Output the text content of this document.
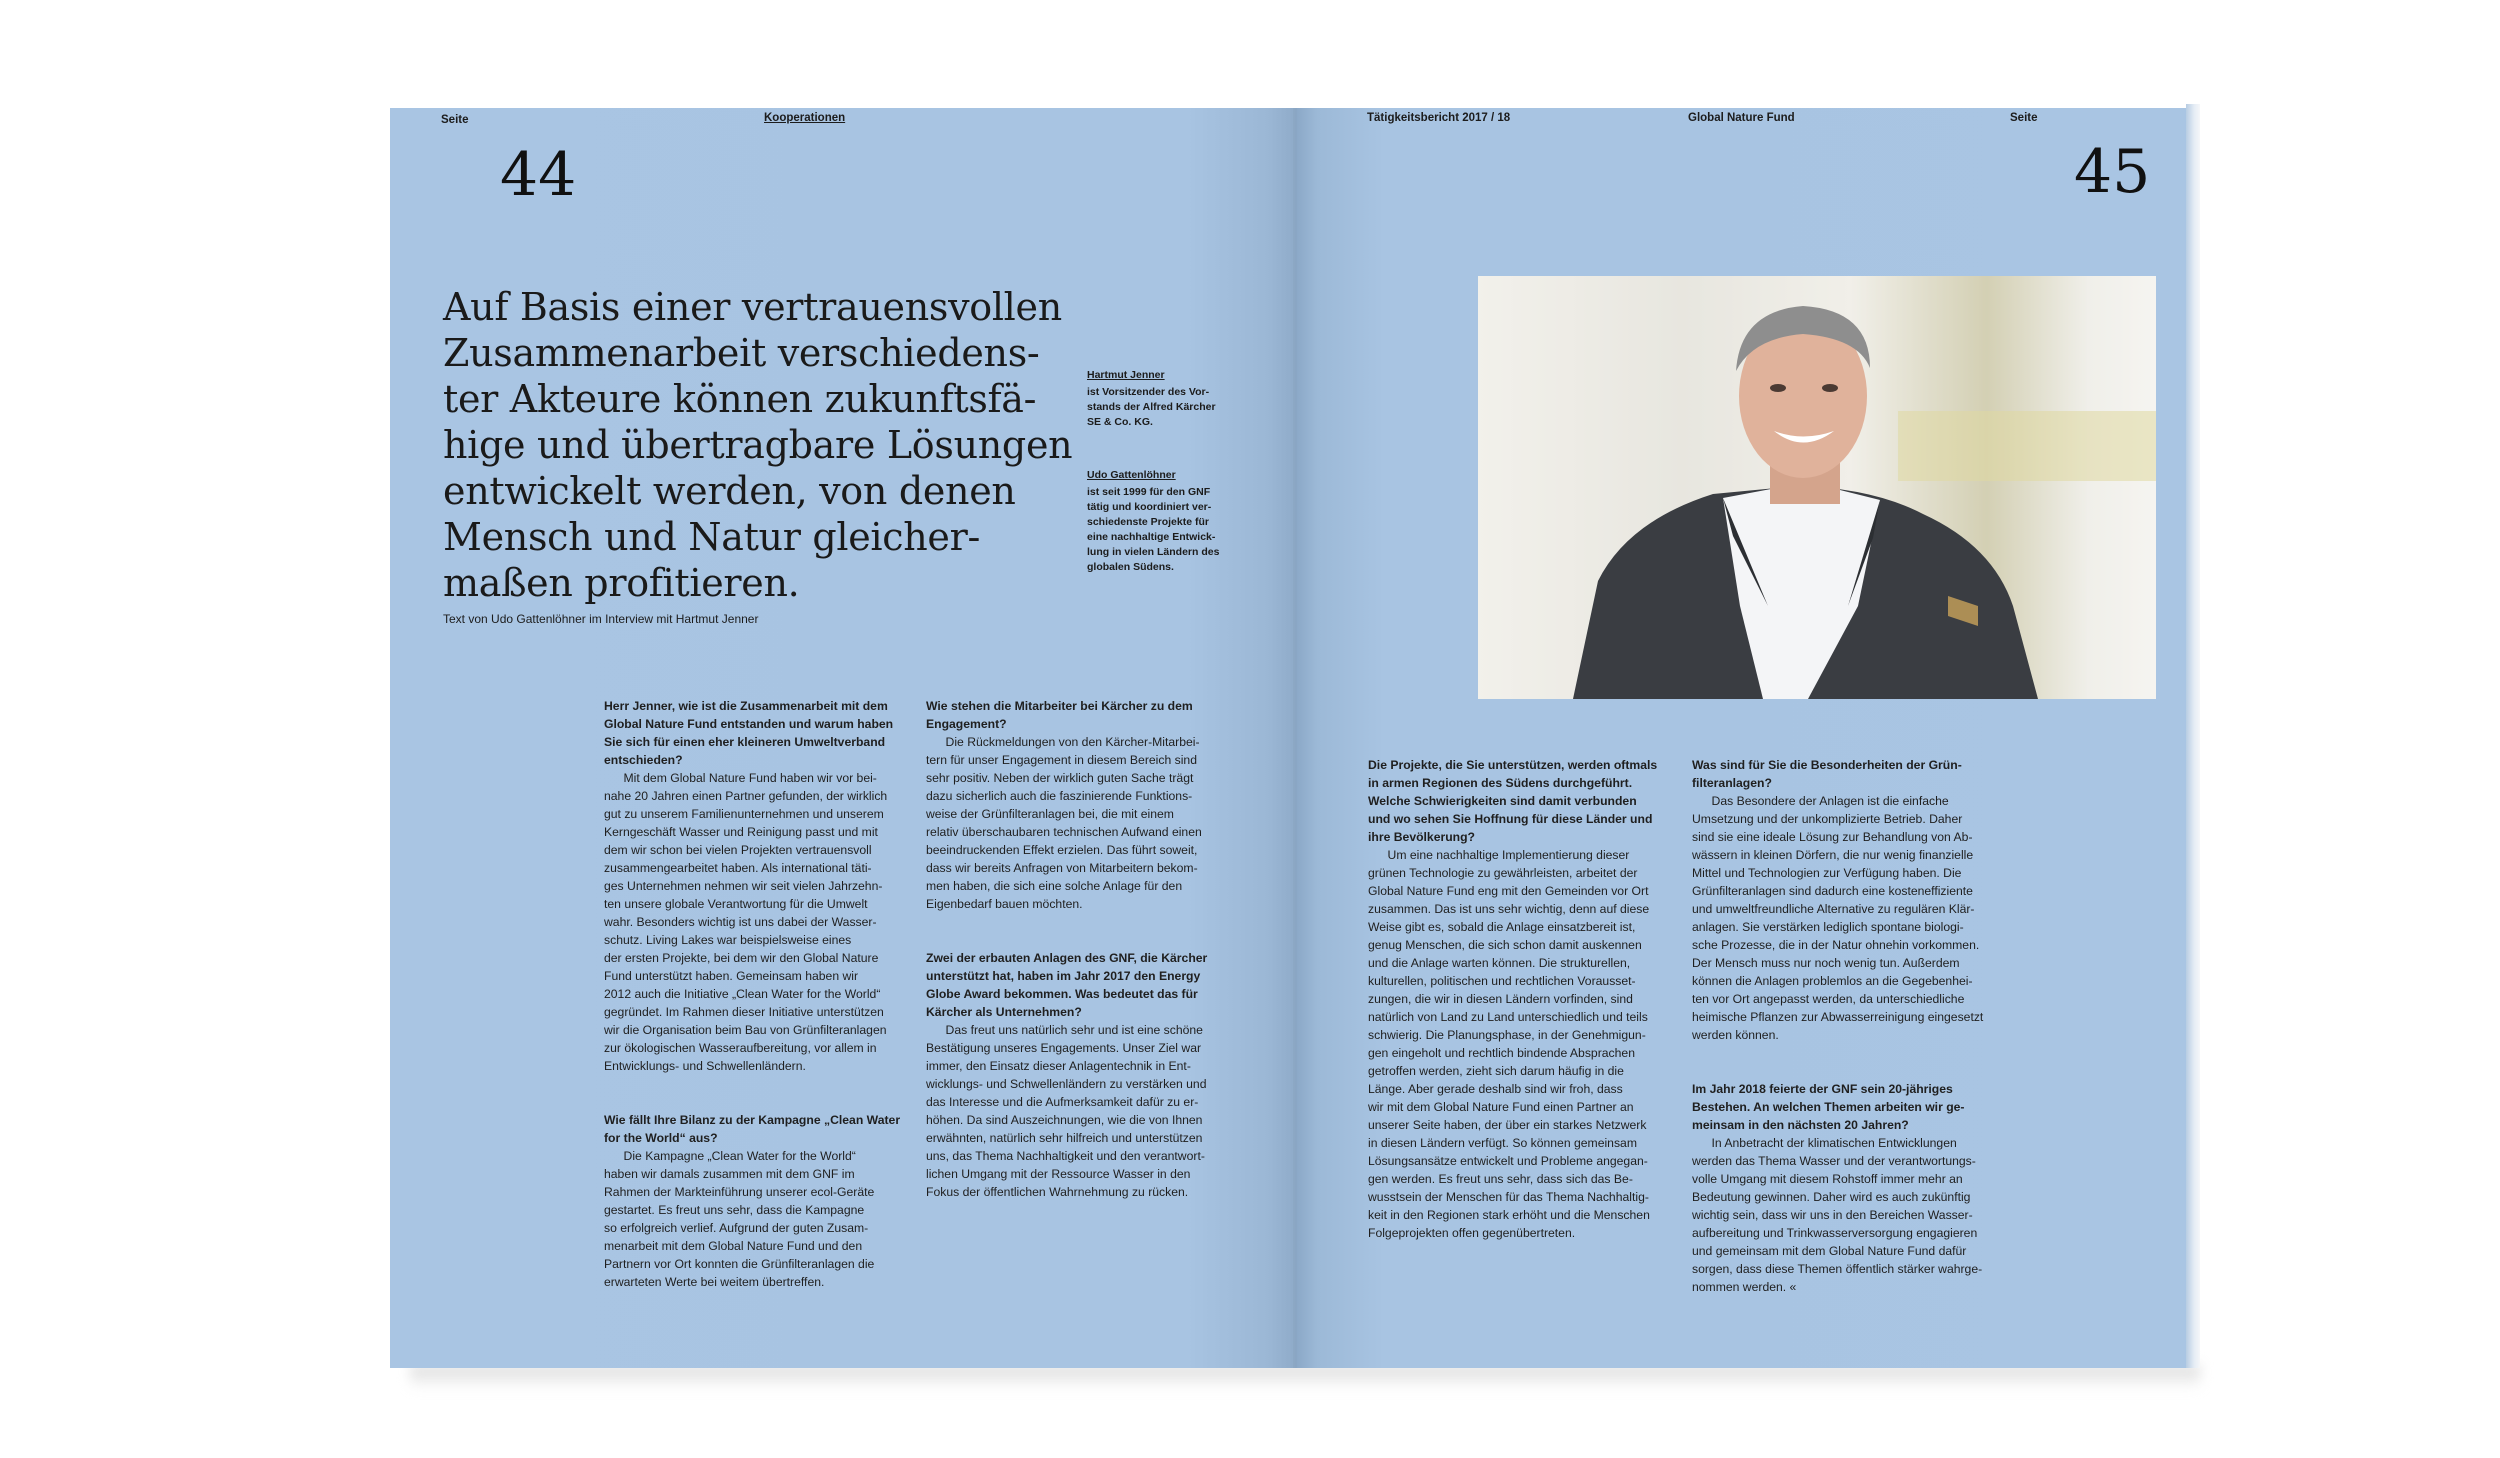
Seite	Kooperationen
44
Auf Basis einer vertrauensvollen
Zusammenarbeit verschiedens-
ter Akteure können zukunftsfä-
hige und übertragbare Lösungen
entwickelt werden, von denen
Mensch und Natur gleicher-
maßen profitieren.
Text von Udo Gattenlöhner im Interview mit Hartmut Jenner
Hartmut Jenner
ist Vorsitzender des Vor-
stands der Alfred Kärcher
SE & Co. KG.
Udo Gattenlöhner
ist seit 1999 für den GNF
tätig und koordiniert ver-
schiedenste Projekte für
eine nachhaltige Entwick-
lung in vielen Ländern des
globalen Südens.

Herr Jenner, wie ist die Zusammenarbeit mit dem
Global Nature Fund entstanden und warum haben
Sie sich für einen eher kleineren Umweltverband
entschieden?

Mit dem Global Nature Fund haben wir vor bei-
nahe 20 Jahren einen Partner gefunden, der wirklich
gut zu unserem Familienunternehmen und unserem
Kerngeschäft Wasser und Reinigung passt und mit
dem wir schon bei vielen Projekten vertrauensvoll
zusammengearbeitet haben. Als international täti-
ges Unternehmen nehmen wir seit vielen Jahrzehn-
ten unsere globale Verantwortung für die Umwelt
wahr. Besonders wichtig ist uns dabei der Wasser-
schutz. Living Lakes war beispielsweise eines
der ersten Projekte, bei dem wir den Global Nature
Fund unterstützt haben. Gemeinsam haben wir
2012 auch die Initiative „Clean Water for the World“
gegründet. Im Rahmen dieser Initiative unterstützen
wir die Organisation beim Bau von Grünfilteranlagen
zur ökologischen Wasseraufbereitung, vor allem in
Entwicklungs- und Schwellenländern.

Wie fällt Ihre Bilanz zu der Kampagne „Clean Water
for the World“ aus?

Die Kampagne „Clean Water for the World“
haben wir damals zusammen mit dem GNF im
Rahmen der Markteinführung unserer ecol-Geräte
gestartet. Es freut uns sehr, dass die Kampagne
so erfolgreich verlief. Aufgrund der guten Zusam-
menarbeit mit dem Global Nature Fund und den
Partnern vor Ort konnten die Grünfilteranlagen die
erwarteten Werte bei weitem übertreffen.

Wie stehen die Mitarbeiter bei Kärcher zu dem
Engagement?

Die Rückmeldungen von den Kärcher-Mitarbei-
tern für unser Engagement in diesem Bereich sind
sehr positiv. Neben der wirklich guten Sache trägt
dazu sicherlich auch die faszinierende Funktions-
weise der Grünfilteranlagen bei, die mit einem
relativ überschaubaren technischen Aufwand einen
beeindruckenden Effekt erzielen. Das führt soweit,
dass wir bereits Anfragen von Mitarbeitern bekom-
men haben, die sich eine solche Anlage für den
Eigenbedarf bauen möchten.

Zwei der erbauten Anlagen des GNF, die Kärcher
unterstützt hat, haben im Jahr 2017 den Energy
Globe Award bekommen. Was bedeutet das für
Kärcher als Unternehmen?

Das freut uns natürlich sehr und ist eine schöne
Bestätigung unseres Engagements. Unser Ziel war
immer, den Einsatz dieser Anlagentechnik in Ent-
wicklungs- und Schwellenländern zu verstärken und
das Interesse und die Aufmerksamkeit dafür zu er-
höhen. Da sind Auszeichnungen, wie die von Ihnen
erwähnten, natürlich sehr hilfreich und unterstützen
uns, das Thema Nachhaltigkeit und den verantwort-
lichen Umgang mit der Ressource Wasser in den
Fokus der öffentlichen Wahrnehmung zu rücken.

Tätigkeitsbericht 2017 / 18	Global Nature Fund	Seite
45

Die Projekte, die Sie unterstützen, werden oftmals
in armen Regionen des Südens durchgeführt.
Welche Schwierigkeiten sind damit verbunden
und wo sehen Sie Hoffnung für diese Länder und
ihre Bevölkerung?

Um eine nachhaltige Implementierung dieser
grünen Technologie zu gewährleisten, arbeitet der
Global Nature Fund eng mit den Gemeinden vor Ort
zusammen. Das ist uns sehr wichtig, denn auf diese
Weise gibt es, sobald die Anlage einsatzbereit ist,
genug Menschen, die sich schon damit auskennen
und die Anlage warten können. Die strukturellen,
kulturellen, politischen und rechtlichen Vorausset-
zungen, die wir in diesen Ländern vorfinden, sind
natürlich von Land zu Land unterschiedlich und teils
schwierig. Die Planungsphase, in der Genehmigun-
gen eingeholt und rechtlich bindende Absprachen
getroffen werden, zieht sich darum häufig in die
Länge. Aber gerade deshalb sind wir froh, dass
wir mit dem Global Nature Fund einen Partner an
unserer Seite haben, der über ein starkes Netzwerk
in diesen Ländern verfügt. So können gemeinsam
Lösungsansätze entwickelt und Probleme angegan-
gen werden. Es freut uns sehr, dass sich das Be-
wusstsein der Menschen für das Thema Nachhaltig-
keit in den Regionen stark erhöht und die Menschen
Folgeprojekten offen gegenübertreten.

Was sind für Sie die Besonderheiten der Grün-
filteranlagen?

Das Besondere der Anlagen ist die einfache
Umsetzung und der unkomplizierte Betrieb. Daher
sind sie eine ideale Lösung zur Behandlung von Ab-
wässern in kleinen Dörfern, die nur wenig finanzielle
Mittel und Technologien zur Verfügung haben. Die
Grünfilteranlagen sind dadurch eine kosteneffiziente
und umweltfreundliche Alternative zu regulären Klär-
anlagen. Sie verstärken lediglich spontane biologi-
sche Prozesse, die in der Natur ohnehin vorkommen.
Der Mensch muss nur noch wenig tun. Außerdem
können die Anlagen problemlos an die Gegebenhei-
ten vor Ort angepasst werden, da unterschiedliche
heimische Pflanzen zur Abwasserreinigung eingesetzt
werden können.

Im Jahr 2018 feierte der GNF sein 20-jähriges
Bestehen. An welchen Themen arbeiten wir ge-
meinsam in den nächsten 20 Jahren?

In Anbetracht der klimatischen Entwicklungen
werden das Thema Wasser und der verantwortungs-
volle Umgang mit diesem Rohstoff immer mehr an
Bedeutung gewinnen. Daher wird es auch zukünftig
wichtig sein, dass wir uns in den Bereichen Wasser-
aufbereitung und Trinkwasserversorgung engagieren
und gemeinsam mit dem Global Nature Fund dafür
sorgen, dass diese Themen öffentlich stärker wahrge-
nommen werden. «
